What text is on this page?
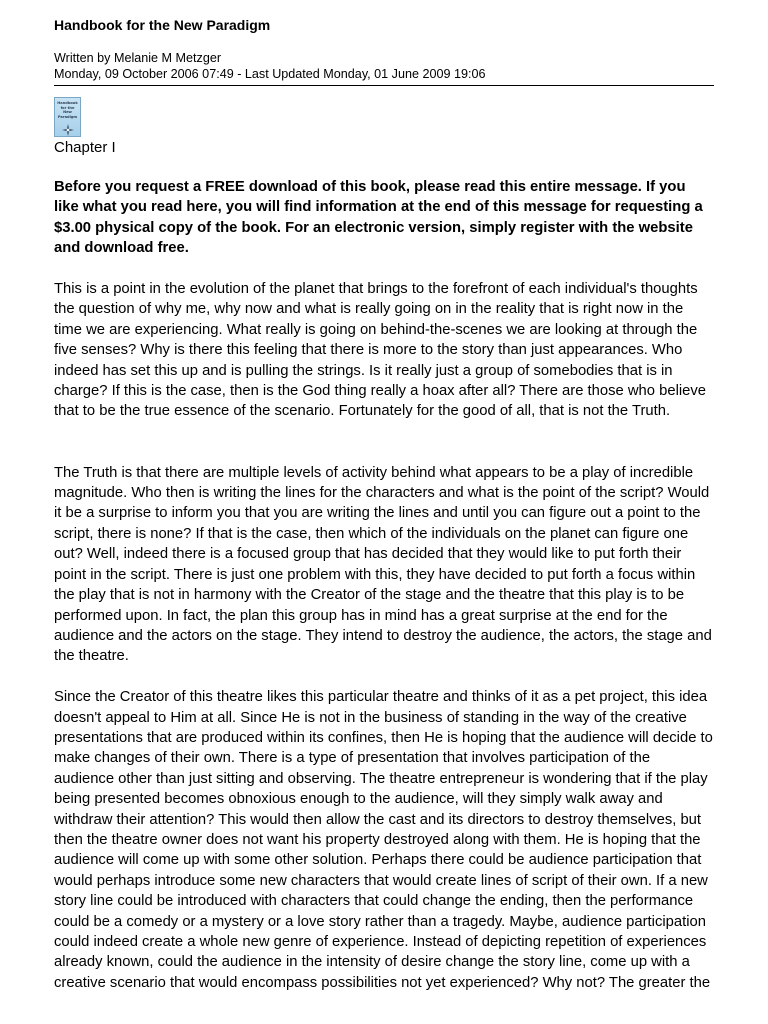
Handbook for the New Paradigm
Written by Melanie M Metzger
Monday, 09 October 2006 07:49 - Last Updated Monday, 01 June 2009 19:06
Handbook for the New Paradigm
Chapter I

Before you request a FREE download of this book, please read this entire message. If you like what you read here, you will find information at the end of this message for requesting a $3.00 physical copy of the book. For an electronic version, simply register with the website and download free.

This is a point in the evolution of the planet that brings to the forefront of each individual's thoughts the question of why me, why now and what is really going on in the reality that is right now in the time we are experiencing. What really is going on behind-the-scenes we are looking at through the five senses? Why is there this feeling that there is more to the story than just appearances. Who indeed has set this up and is pulling the strings. Is it really just a group of somebodies that is in charge? If this is the case, then is the God thing really a hoax after all? There are those who believe that to be the true essence of the scenario. Fortunately for the good of all, that is not the Truth.

The Truth is that there are multiple levels of activity behind what appears to be a play of incredible magnitude. Who then is writing the lines for the characters and what is the point of the script? Would it be a surprise to inform you that you are writing the lines and until you can figure out a point to the script, there is none? If that is the case, then which of the individuals on the planet can figure one out? Well, indeed there is a focused group that has decided that they would like to put forth their point in the script. There is just one problem with this, they have decided to put forth a focus within the play that is not in harmony with the Creator of the stage and the theatre that this play is to be performed upon. In fact, the plan this group has in mind has a great surprise at the end for the audience and the actors on the stage. They intend to destroy the audience, the actors, the stage and the theatre.

Since the Creator of this theatre likes this particular theatre and thinks of it as a pet project, this idea doesn't appeal to Him at all. Since He is not in the business of standing in the way of the creative presentations that are produced within its confines, then He is hoping that the audience will decide to make changes of their own. There is a type of presentation that involves participation of the audience other than just sitting and observing. The theatre entrepreneur is wondering that if the play being presented becomes obnoxious enough to the audience, will they simply walk away and withdraw their attention? This would then allow the cast and its directors to destroy themselves, but then the theatre owner does not want his property destroyed along with them. He is hoping that the audience will come up with some other solution. Perhaps there could be audience participation that would perhaps introduce some new characters that would create lines of script of their own. If a new story line could be introduced with characters that could change the ending, then the performance could be a comedy or a mystery or a love story rather than a tragedy. Maybe, audience participation could indeed create a whole new genre of experience. Instead of depicting repetition of experiences already known, could the audience in the intensity of desire change the story line, come up with a creative scenario that would encompass possibilities not yet experienced? Why not? The greater the
